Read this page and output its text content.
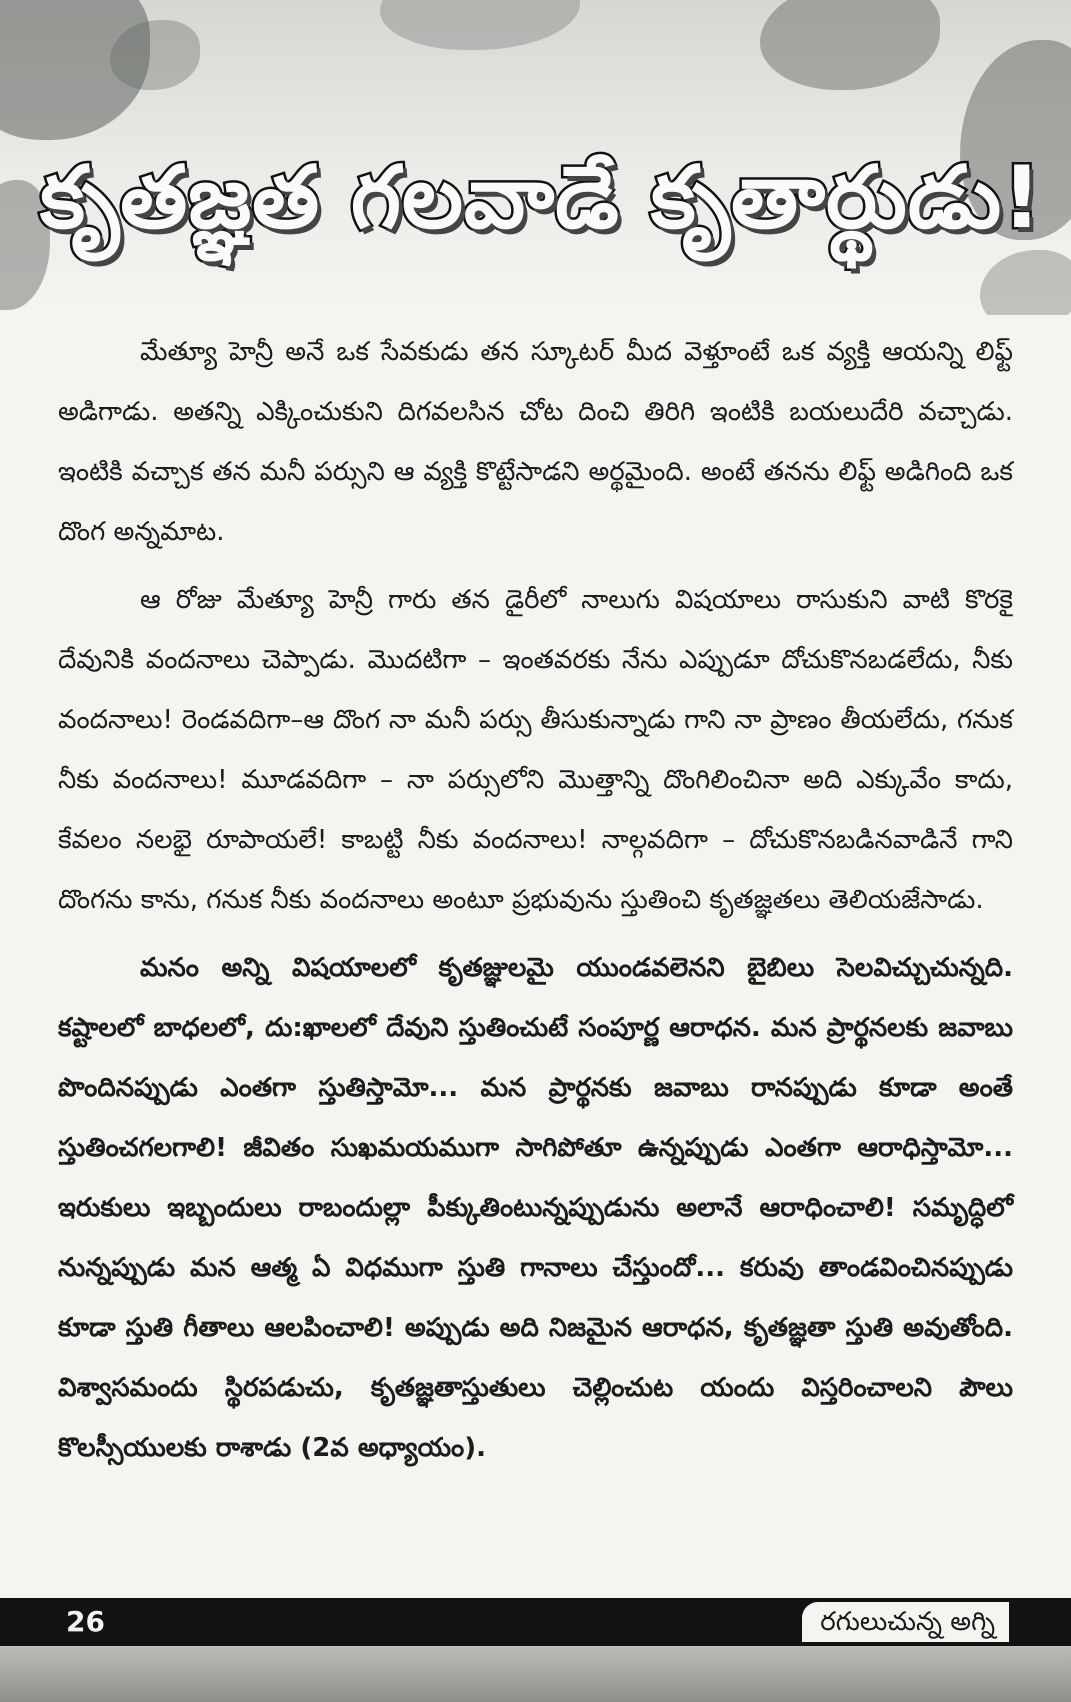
కృతజ్ఞత గలవాడే కృతార్థుడు!

మేత్యూ హెన్రీ అనే ఒక సేవకుడు తన స్కూటర్ మీద వెళ్తూంటే ఒక వ్యక్తి ఆయన్ని లిఫ్ట్ అడిగాడు. అతన్ని ఎక్కించుకుని దిగవలసిన చోట దించి తిరిగి ఇంటికి బయలుదేరి వచ్చాడు. ఇంటికి వచ్చాక తన మనీ పర్సుని ఆ వ్యక్తి కొట్టేసాడని అర్థమైంది. అంటే తనను లిఫ్ట్ అడిగింది ఒక దొంగ అన్నమాట.

ఆ రోజు మేత్యూ హెన్రీ గారు తన డైరీలో నాలుగు విషయాలు రాసుకుని వాటి కొరకై దేవునికి వందనాలు చెప్పాడు. మొదటిగా – ఇంతవరకు నేను ఎప్పుడూ దోచుకొనబడలేదు, నీకు వందనాలు! రెండవదిగా–ఆ దొంగ నా మనీ పర్సు తీసుకున్నాడు గాని నా ప్రాణం తీయలేదు, గనుక నీకు వందనాలు! మూడవదిగా – నా పర్సులోని మొత్తాన్ని దొంగిలించినా అది ఎక్కువేం కాదు, కేవలం నలభై రూపాయలే! కాబట్టి నీకు వందనాలు! నాల్గవదిగా – దోచుకొనబడినవాడినే గాని దొంగను కాను, గనుక నీకు వందనాలు అంటూ ప్రభువును స్తుతించి కృతజ్ఞతలు తెలియజేసాడు.

మనం అన్ని విషయాలలో కృతజ్ఞులమై యుండవలెనని బైబిలు సెలవిచ్చుచున్నది. కష్టాలలో బాధలలో, దు:ఖాలలో దేవుని స్తుతించుటే సంపూర్ణ ఆరాధన. మన ప్రార్థనలకు జవాబు పొందినప్పుడు ఎంతగా స్తుతిస్తామో... మన ప్రార్థనకు జవాబు రానప్పుడు కూడా అంతే స్తుతించగలగాలి! జీవితం సుఖమయముగా సాగిపోతూ ఉన్నప్పుడు ఎంతగా ఆరాధిస్తామో... ఇరుకులు ఇబ్బందులు రాబందుల్లా పీక్కుతింటున్నప్పుడును అలానే ఆరాధించాలి! సమృద్ధిలో నున్నప్పుడు మన ఆత్మ ఏ విధముగా స్తుతి గానాలు చేస్తుందో... కరువు తాండవించినప్పుడు కూడా స్తుతి గీతాలు ఆలపించాలి! అప్పుడు అది నిజమైన ఆరాధన, కృతజ్ఞతా స్తుతి అవుతోంది. విశ్వాసమందు స్థిరపడుచు, కృతజ్ఞతాస్తుతులు చెల్లించుట యందు విస్తరించాలని పౌలు కొలస్సీయులకు రాశాడు (2వ అధ్యాయం).

26	రగులుచున్న అగ్ని
